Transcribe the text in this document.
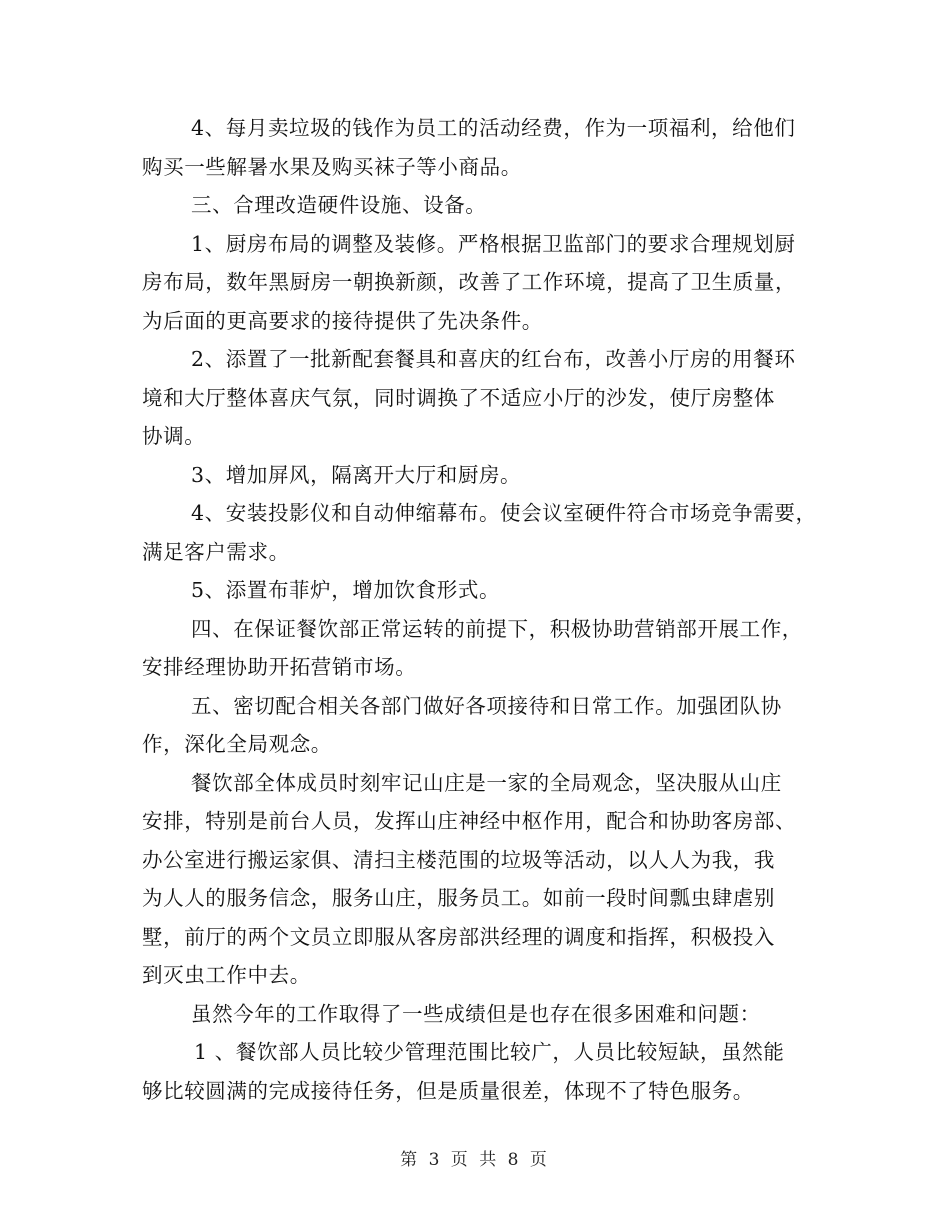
4、每月卖垃圾的钱作为员工的活动经费，作为一项福利，给他们
购买一些解暑水果及购买袜子等小商品。
三、合理改造硬件设施、设备。
1、厨房布局的调整及装修。严格根据卫监部门的要求合理规划厨
房布局，数年黑厨房一朝换新颜，改善了工作环境，提高了卫生质量，
为后面的更高要求的接待提供了先决条件。
2、添置了一批新配套餐具和喜庆的红台布，改善小厅房的用餐环
境和大厅整体喜庆气氛，同时调换了不适应小厅的沙发，使厅房整体
协调。
3、增加屏风，隔离开大厅和厨房。
4、安装投影仪和自动伸缩幕布。使会议室硬件符合市场竞争需要，
满足客户需求。
5、添置布菲炉，增加饮食形式。
四、在保证餐饮部正常运转的前提下，积极协助营销部开展工作，
安排经理协助开拓营销市场。
五、密切配合相关各部门做好各项接待和日常工作。加强团队协
作，深化全局观念。
餐饮部全体成员时刻牢记山庄是一家的全局观念，坚决服从山庄
安排，特别是前台人员，发挥山庄神经中枢作用，配合和协助客房部、
办公室进行搬运家俱、清扫主楼范围的垃圾等活动，以人人为我，我
为人人的服务信念，服务山庄，服务员工。如前一段时间瓢虫肆虐别
墅，前厅的两个文员立即服从客房部洪经理的调度和指挥，积极投入
到灭虫工作中去。
虽然今年的工作取得了一些成绩但是也存在很多困难和问题：
1 、餐饮部人员比较少管理范围比较广，人员比较短缺，虽然能
够比较圆满的完成接待任务，但是质量很差，体现不了特色服务。
第 3 页 共 8 页
